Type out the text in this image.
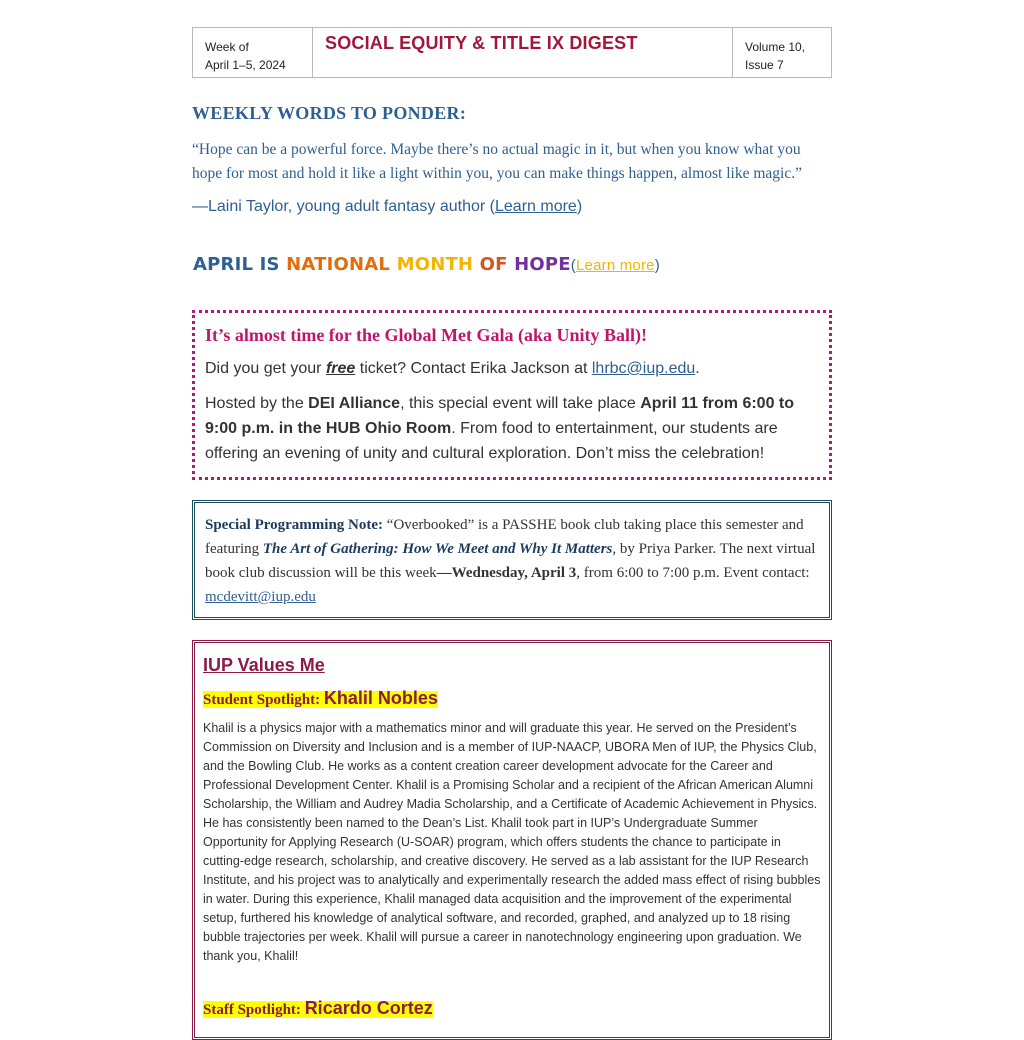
Week of
April 1–5, 2024
SOCIAL EQUITY & TITLE IX DIGEST	Volume 10,
Issue 7
WEEKLY WORDS TO PONDER:
“Hope can be a powerful force. Maybe there’s no actual magic in it, but when you know what you hope for most and hold it like a light within you, you can make things happen, almost like magic.”
—Laini Taylor, young adult fantasy author (Learn more)
APRIL IS NATIONAL MONTH OF HOPE(Learn more)
It’s almost time for the Global Met Gala (aka Unity Ball)!

Did you get your free ticket? Contact Erika Jackson at lhrbc@iup.edu.

Hosted by the DEI Alliance, this special event will take place April 11 from 6:00 to 9:00 p.m. in the HUB Ohio Room. From food to entertainment, our students are offering an evening of unity and cultural exploration. Don’t miss the celebration!

Special Programming Note: “Overbooked” is a PASSHE book club taking place this semester and featuring The Art of Gathering: How We Meet and Why It Matters, by Priya Parker. The next virtual book club discussion will be this week—Wednesday, April 3, from 6:00 to 7:00 p.m. Event contact: mcdevitt@iup.edu
IUP Values Me
Student Spotlight: Khalil Nobles
Khalil is a physics major with a mathematics minor and will graduate this year. He served on the President’s Commission on Diversity and Inclusion and is a member of IUP-NAACP, UBORA Men of IUP, the Physics Club, and the Bowling Club. He works as a content creation career development advocate for the Career and Professional Development Center. Khalil is a Promising Scholar and a recipient of the African American Alumni Scholarship, the William and Audrey Madia Scholarship, and a Certificate of Academic Achievement in Physics. He has consistently been named to the Dean’s List. Khalil took part in IUP’s Undergraduate Summer Opportunity for Applying Research (U-SOAR) program, which offers students the chance to participate in cutting-edge research, scholarship, and creative discovery. He served as a lab assistant for the IUP Research Institute, and his project was to analytically and experimentally research the added mass effect of rising bubbles in water. During this experience, Khalil managed data acquisition and the improvement of the experimental setup, furthered his knowledge of analytical software, and recorded, graphed, and analyzed up to 18 rising bubble trajectories per week. Khalil will pursue a career in nanotechnology engineering upon graduation. We thank you, Khalil!
Staff Spotlight: Ricardo Cortez
